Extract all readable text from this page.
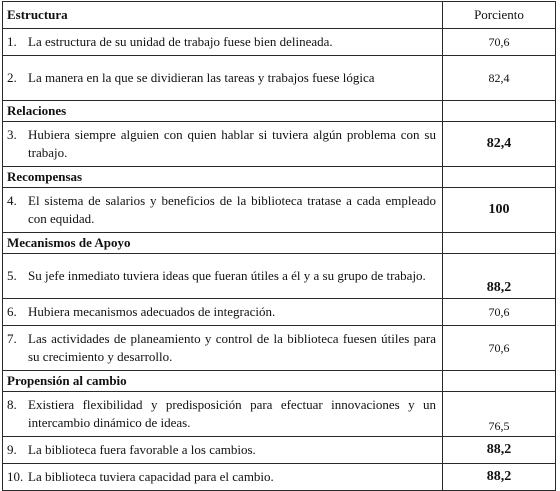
Estructura	Porciento

1. La estructura de su unidad de trabajo fuese bien delineada.	70,6

2. La manera en la que se dividieran las tareas y trabajos fuese lógica	82,4
Relaciones	

3. Hubiera siempre alguien con quien hablar si tuviera algún problema con su trabajo.	82,4
Recompensas	

4. El sistema de salarios y beneficios de la biblioteca tratase a cada empleado con equidad.	100
Mecanismos de Apoyo	

5. Su jefe inmediato tuviera ideas que fueran útiles a él y a su grupo de trabajo.	88,2

6. Hubiera mecanismos adecuados de integración.	70,6

7. Las actividades de planeamiento y control de la biblioteca fuesen útiles para su crecimiento y desarrollo.	70,6
Propensión al cambio	

8. Existiera flexibilidad y predisposición para efectuar innovaciones y un intercambio dinámico de ideas.	76,5

9. La biblioteca fuera favorable a los cambios.	88,2

10. La biblioteca tuviera capacidad para el cambio.	88,2
